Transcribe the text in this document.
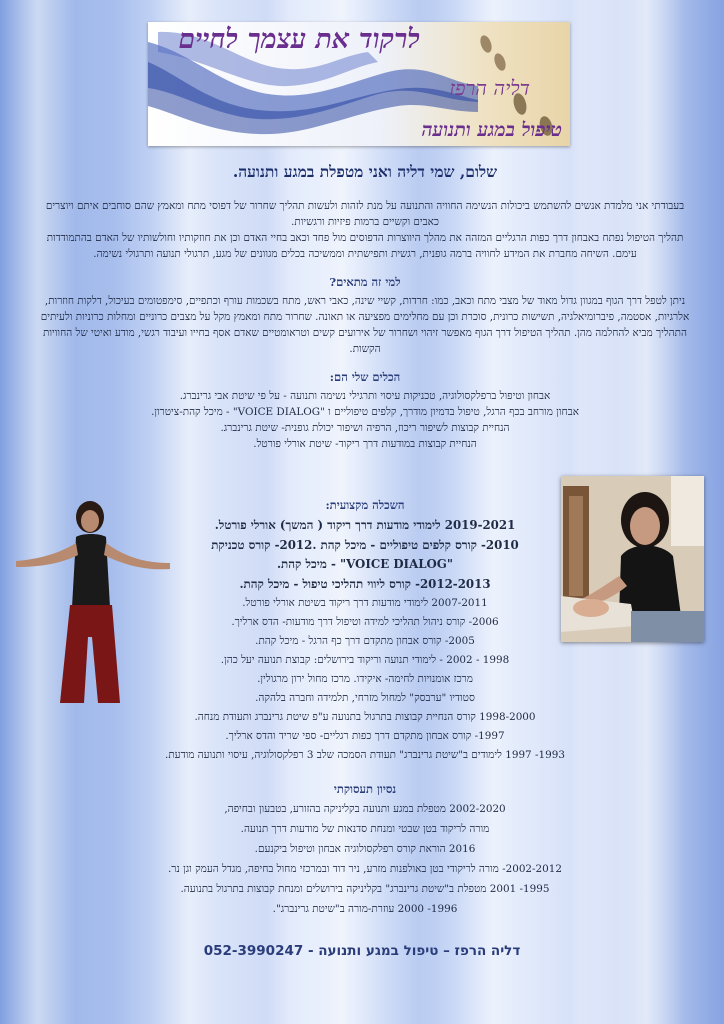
לרקוד את עצמך לחיים
דליה הרפז
טיפול במגע ותנועה
שלום, שמי דליה ואני מטפלת במגע ותנועה.

בעבודתי אני מלמדת אנשים להשתמש ביכולות הנשימה החוויה והתנועה על מנת לזהות ולעשות תהליך שחרור של דפוסי מתח ומאמץ שהם סוחבים איתם ויוצרים כאבים וקשיים ברמות פיזיות ורגשיות.

תהליך הטיפול נפתח באבחון דרך כפות הרגליים המזהה את מהלך היווצרות הדפוסים מול פחד וכאב בחיי האדם וכן את חוזקותיו וחולשותיו של האדם בהתמודדות עימם. השיחה מחברת את המידע לחוויה ברמה גופנית, רגשית ותפישתית וממשיכה בכלים מגוונים של מגע, תרגולי תנועה ותרגולי נשימה.

למי זה מתאים?

ניתן לטפל דרך הגוף במגוון גדול מאוד של מצבי מתח וכאב, כמו: חרדות, קשיי שינה, כאבי ראש, מתח בשכמות עורף וכתפיים, סימפטומים בעיכול, דלקות חוזרות, אלרגיות, אסטמה, פיברומיאלגיה, תשישות כרונית, סוכרת וכן עם מחלימים מפציעה או תאונה. שחרור מתח ומאמץ מקל על מצבים כרוניים ומחלות כרוניות ולעיתים התהליך מביא להחלמה מהן. תהליך הטיפול דרך הגוף מאפשר זיהוי ושחרור של אירועים קשים וטראומטיים שאדם אסף בחייו ועיבוד רגשי, מודע ואיטי של החוויות הקשות.

הכלים שלי הם:

אבחון וטיפול ברפלקסולוגיה, טכניקות עיסוי ותרגילי נשימה ותנועה - על פי שיטת אבי גרינברג.

אבחון מורחב בכף הרגל, טיפול בדמיון מודרך, קלפים טיפוליים ו "VOICE DIALOG" - מיכל קהת-ציטרון.

הנחיית קבוצות לשיפור ריכוז, הרפיה ושיפור יכולת גופנית- שיטת גרינברג.

הנחיית קבוצות במודעות דרך ריקוד- שיטת אורלי פורטל.

השכלה מקצועית:

2019-2021 לימודי מודעות דרך ריקוד ( המשך) אורלי פורטל.

2010- קורס קלפים טיפוליים - מיכל קהת .2012- קורס טכניקת

"VOICE DIALOG" - מיכל קהת.

2012-2013- קורס ליווי תהליכי טיפול - מיכל קהת.

2007-2011 לימודי מודעות דרך ריקוד בשיטת אורלי פורטל.

2006- קורס ניהול תהליכי למידה וטיפול דרך מודעות- הדס ארליך.

2005- קורס אבחון מתקדם דרך כף הרגל - מיכל קהת.

1998 - 2002 - לימודי תנועה וריקוד בירושלים: קבוצת תנועה יעל כהן.

מרכז אומנויות לחימה- איקידו. מרכז מחול ירון מרגולין.

סטודיו "ערבסק" למחול מזרחי, תלמידה וחברה בלהקה.

1998-2000 קורס הנחיית קבוצות בתרגול בתנועה ע"פ שיטת גרינברג ותעודת מנחה.

1997- קורס אבחון מתקדם דרך כפות רגליים- ספי שריד והדס ארליך.

1993- 1997 לימודים ב"שיטת גרינברג" תעודת הסמכה שלב 3 רפלקסולוגיה, עיסוי ותנועה מודעת.

נסיון תעסוקתי

2002-2020 מטפלת במגע ותנועה בקליניקה בהזורע, בטבעון ובחיפה,

מורה לריקוד בטן שבטי ומנחת סדנאות של מודעות דרך תנועה.

2016 הוראת קורס רפלקסולוגיה אבחון וטיפול ביקנעם.

2002-2012- מורה לריקודי בטן באולפנות מזרע, ניר דוד ובמרכזי מחול בחיפה, מגדל העמק וגן נר.

1995- 2001 מטפלת ב"שיטת גרינברג" בקליניקה בירושלים ומנחת קבוצות בתרגול בתנועה.

1996- 2000 עוזרת-מורה ב"שיטת גרינברג".

דליה הרפז – טיפול במגע ותנועה - 052-3990247
